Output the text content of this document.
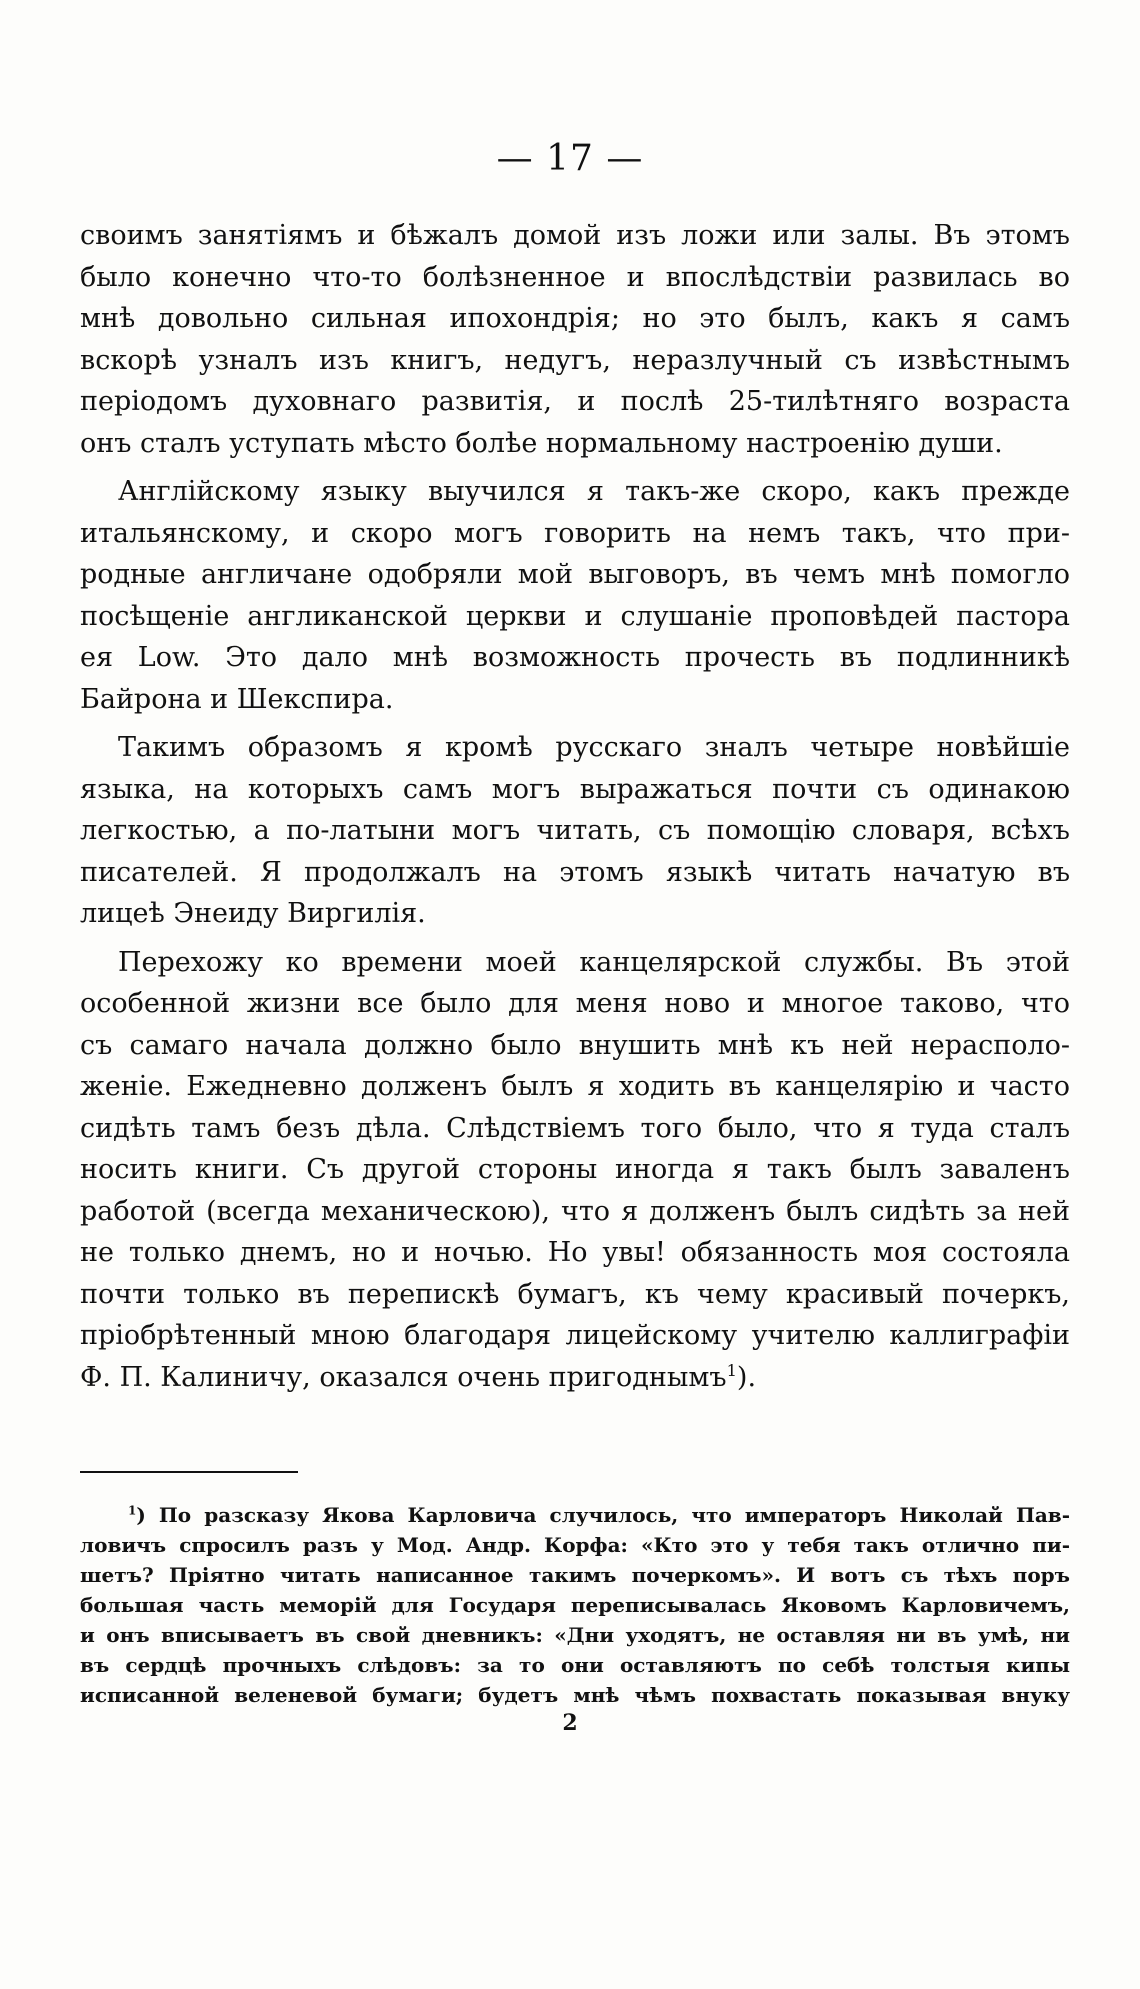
— 17 —
своимъ занятіямъ и бѣжалъ домой изъ ложи или залы. Въ этомъ
было конечно что-то болѣзненное и впослѣдствіи развилась во
мнѣ довольно сильная ипохондрія; но это былъ, какъ я самъ
вскорѣ узналъ изъ книгъ, недугъ, неразлучный съ извѣстнымъ
періодомъ духовнаго развитія, и послѣ 25-тилѣтняго возраста
онъ сталъ уступать мѣсто болѣе нормальному настроенію души.
Англійскому языку выучился я такъ-же скоро, какъ прежде
итальянскому, и скоро могъ говорить на немъ такъ, что при-
родные англичане одобряли мой выговоръ, въ чемъ мнѣ помогло
посѣщеніе англиканской церкви и слушаніе проповѣдей пастора
ея Low. Это дало мнѣ возможность прочесть въ подлинникѣ
Байрона и Шекспира.
Такимъ образомъ я кромѣ русскаго зналъ четыре новѣйшіе
языка, на которыхъ самъ могъ выражаться почти съ одинакою
легкостью, а по-латыни могъ читать, съ помощію словаря, всѣхъ
писателей. Я продолжалъ на этомъ языкѣ читать начатую въ
лицеѣ Энеиду Виргилія.
Перехожу ко времени моей канцелярской службы. Въ этой
особенной жизни все было для меня ново и многое таково, что
съ самаго начала должно было внушить мнѣ къ ней нерасполо-
женіе. Ежедневно долженъ былъ я ходить въ канцелярію и часто
сидѣть тамъ безъ дѣла. Слѣдствіемъ того было, что я туда сталъ
носить книги. Съ другой стороны иногда я такъ былъ заваленъ
работой (всегда механическою), что я долженъ былъ сидѣть за ней
не только днемъ, но и ночью. Но увы! обязанность моя состояла
почти только въ перепискѣ бумагъ, къ чему красивый почеркъ,
пріобрѣтенный мною благодаря лицейскому учителю каллиграфіи
Ф. П. Калиничу, оказался очень пригоднымъ$^1$).
$^1$) По разсказу Якова Карловича случилось, что императоръ Николай Пав-
ловичъ спросилъ разъ у Мод. Андр. Корфа: «Кто это у тебя такъ отлично пи-
шетъ? Пріятно читать написанное такимъ почеркомъ». И вотъ съ тѣхъ поръ
большая часть меморій для Государя переписывалась Яковомъ Карловичемъ,
и онъ вписываетъ въ свой дневникъ: «Дни уходятъ, не оставляя ни въ умѣ, ни
въ сердцѣ прочныхъ слѣдовъ: за то они оставляютъ по себѣ толстыя кипы
исписанной веленевой бумаги; будетъ мнѣ чѣмъ похвастать показывая внуку
2
